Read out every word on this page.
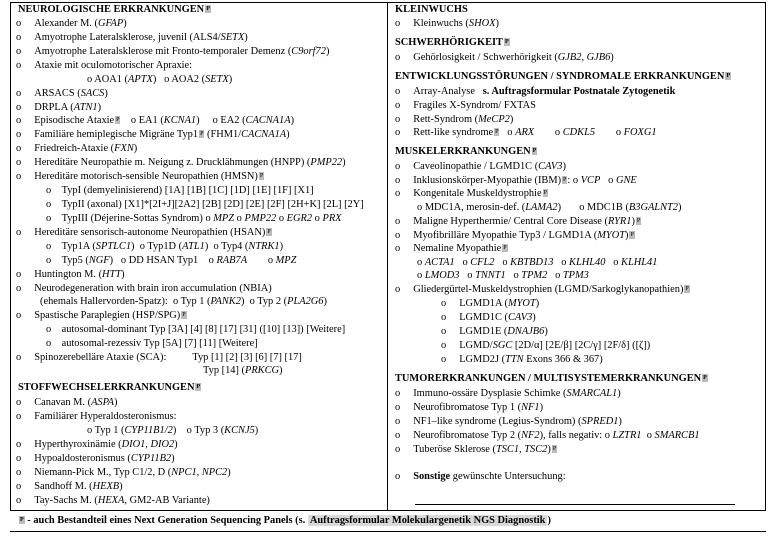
NEUROLOGISCHE ERKRANKUNGEN P
o Alexander M. (GFAP)
o Amyotrophe Lateralsklerose, juvenil (ALS4/SETX)
o Amyotrophe Lateralsklerose mit Fronto-temporaler Demenz (C9orf72)
o Ataxie mit oculomotorischer Apraxie:
o AOA1 (APTX) o AOA2 (SETX)
o ARSACS (SACS)
o DRPLA (ATN1)
o Episodische Ataxie P o EA1 (KCNA1) o EA2 (CACNA1A)
o Familiäre hemiplegische Migräne Typ1 P (FHM1/CACNA1A)
o Friedreich-Ataxie (FXN)
o Hereditäre Neuropathie m. Neigung z. Drucklähmungen (HNPP) (PMP22)
o Hereditäre motorisch-sensible Neuropathien (HMSN) P
o TypI (demyelinisierend) [1A] [1B] [1C] [1D] [1E] [1F] [X1]
o TypII (axonal) [X1]*[2I+J][2A2] [2B] [2D] [2E] [2F] [2H+K] [2L] [2Y]
o TypIII (Déjerine-Sottas Syndrom) o MPZ o PMP22 o EGR2 o PRX
o Hereditäre sensorisch-autonome Neuropathien (HSAN) P
o Typ1A (SPTLC1) o Typ1D (ATL1) o Typ4 (NTRK1)
o Typ5 (NGF) o DD HSAN Typ1 o RAB7A o MPZ
o Huntington M. (HTT)
o Neurodegeneration with brain iron accumulation (NBIA)
(ehemals Hallervorden-Spatz): o Typ 1 (PANK2) o Typ 2 (PLA2G6)
o Spastische Paraplegien (HSP/SPG) P
o autosomal-dominant Typ [3A] [4] [8] [17] [31] ([10] [13]) [Weitere]
o autosomal-rezessiv Typ [5A] [7] [11] [Weitere]
o Spinozerebelläre Ataxie (SCA): Typ [1] [2] [3] [6] [7] [17]
Typ [14] (PRKCG)
STOFFWECHSELERKRANKUNGEN P
o Canavan M. (ASPA)
o Familiärer Hyperaldosteronismus:
o Typ 1 (CYP11B1/2) o Typ 3 (KCNJ5)
o Hyperthyroxinämie (DIO1, DIO2)
o Hypoaldosteronismus (CYP11B2)
o Niemann-Pick M., Typ C1/2, D (NPC1, NPC2)
o Sandhoff M. (HEXB)
o Tay-Sachs M. (HEXA, GM2-AB Variante)
KLEINWUCHS
o Kleinwuchs (SHOX)
SCHWERHÖRIGKEIT P
o Gehörlosigkeit / Schwerhörigkeit (GJB2, GJB6)
ENTWICKLUNGSSTÖRUNGEN / SYNDROMALE ERKRANKUNGEN P
o Array-Analyse s. Auftragsformular Postnatale Zytogenetik
o Fragiles X-Syndrom/ FXTAS
o Rett-Syndrom (MeCP2)
o Rett-like syndrome P o ARX o CDKL5 o FOXG1
MUSKELERKRANKUNGEN P
o Caveolinopathie / LGMD1C (CAV3)
o Inklusionskörper-Myopathie (IBM) P: o VCP o GNE
o Kongenitale Muskeldystrophie P
o MDC1A, merosin-def. (LAMA2) o MDC1B (B3GALNT2)
o Maligne Hyperthermie/ Central Core Disease (RYR1) P
o Myofibrilläre Myopathie Typ3 / LGMD1A (MYOT) P
o Nemaline Myopathie P
o ACTA1 o CFL2 o KBTBD13 o KLHL40 o KLHL41
o LMOD3 o TNNT1 o TPM2 o TPM3
o Gliedergürtel-Muskeldystrophien (LGMD/Sarkoglykanopathien) P
o LGMD1A (MYOT)
o LGMD1C (CAV3)
o LGMD1E (DNAJB6)
o LGMD/SGC [2D/α] [2E/β] [2C/γ] [2F/δ] ([ζ])
o LGMD2J (TTN Exons 366 & 367)
TUMORERKRANKUNGEN / MULTISYSTEMERKRANKUNGEN P
o Immuno-ossäre Dysplasie Schimke (SMARCAL1)
o Neurofibromatose Typ 1 (NF1)
o NF1–like syndrome (Legius-Syndrom) (SPRED1)
o Neurofibromatose Typ 2 (NF2), falls negativ: o LZTR1 o SMARCB1
o Tuberöse Sklerose (TSC1, TSC2) P
o Sonstige gewünschte Untersuchung:
P - auch Bestandteil eines Next Generation Sequencing Panels (s. Auftragsformular Molekulargenetik NGS Diagnostik )
